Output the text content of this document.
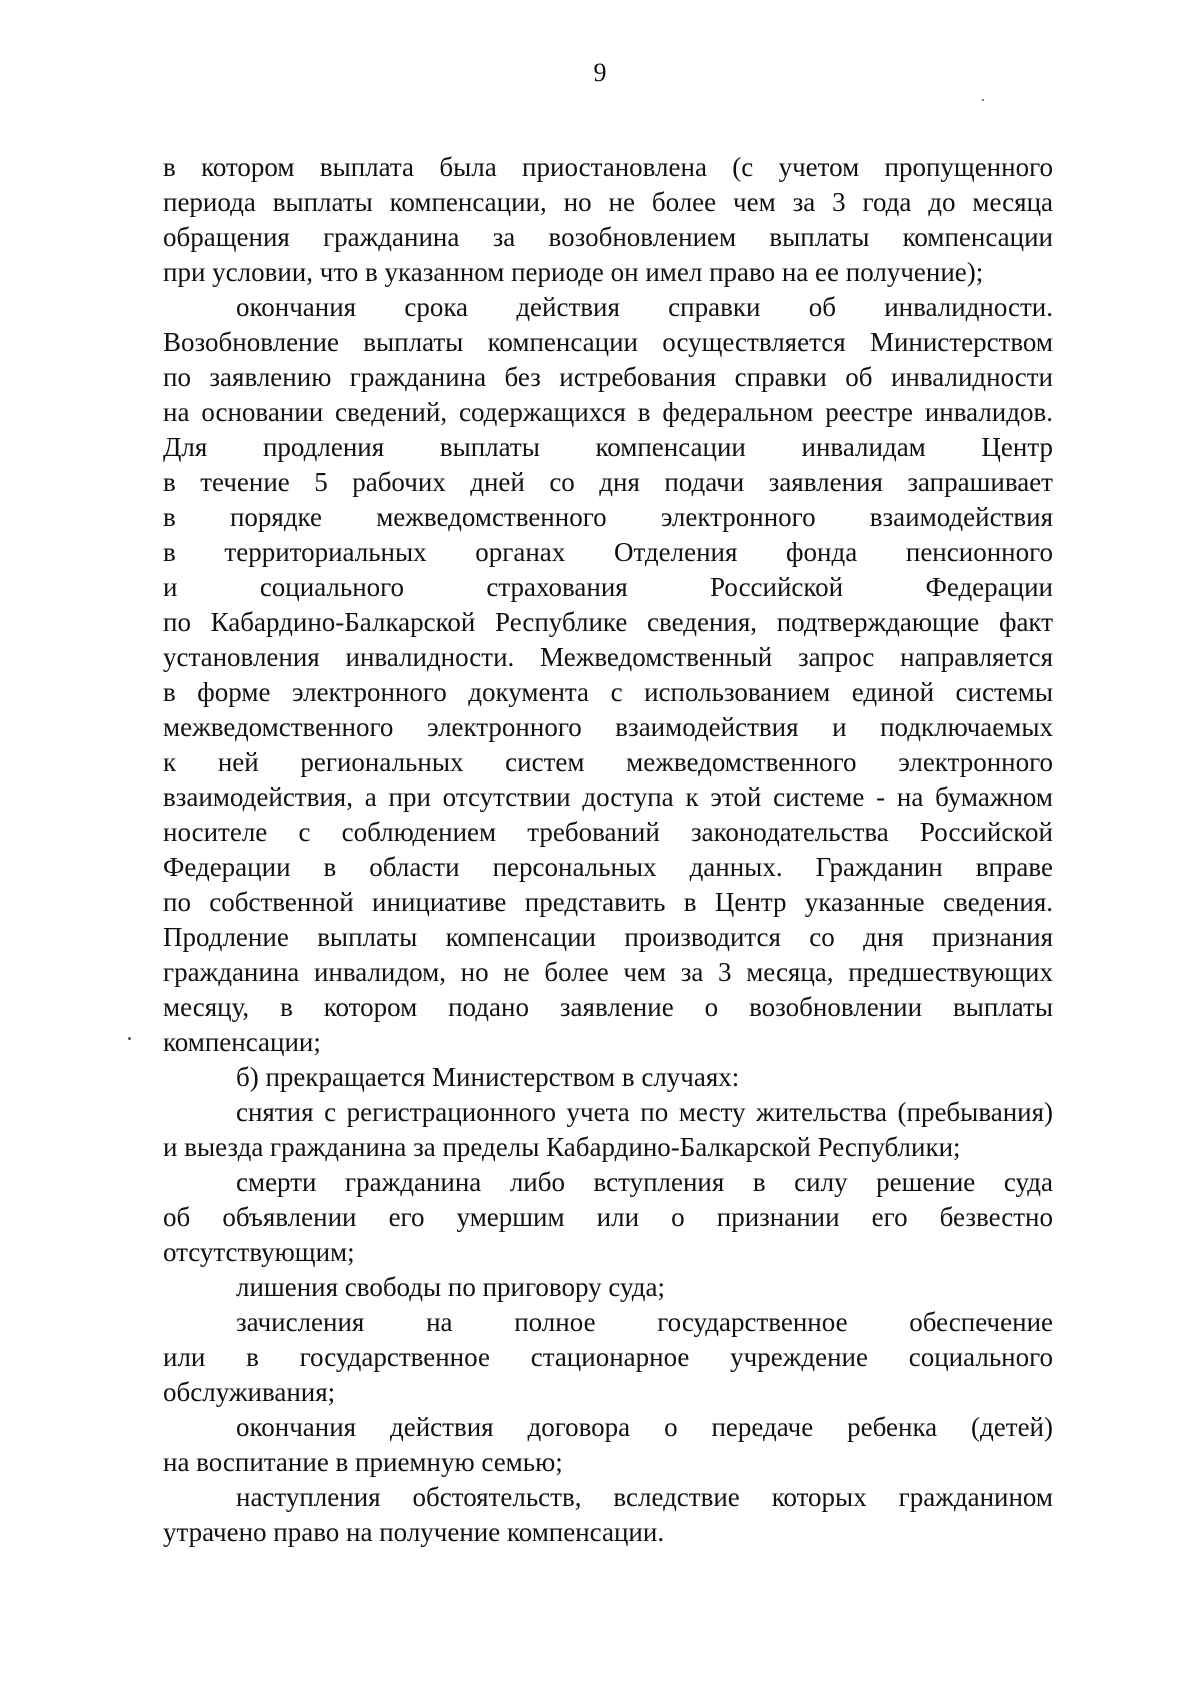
9
в котором выплата была приостановлена (с учетом пропущенного
периода выплаты компенсации, но не более чем за 3 года до месяца
обращения гражданина за возобновлением выплаты компенсации
при условии, что в указанном периоде он имел право на ее получение);
окончания срока действия справки об инвалидности.
Возобновление выплаты компенсации осуществляется Министерством
по заявлению гражданина без истребования справки об инвалидности
на основании сведений, содержащихся в федеральном реестре инвалидов.
Для продления выплаты компенсации инвалидам Центр
в течение 5 рабочих дней со дня подачи заявления запрашивает
в порядке межведомственного электронного взаимодействия
в территориальных органах Отделения фонда пенсионного
и социального страхования Российской Федерации
по Кабардино-Балкарской Республике сведения, подтверждающие факт
установления инвалидности. Межведомственный запрос направляется
в форме электронного документа с использованием единой системы
межведомственного электронного взаимодействия и подключаемых
к ней региональных систем межведомственного электронного
взаимодействия, а при отсутствии доступа к этой системе - на бумажном
носителе с соблюдением требований законодательства Российской
Федерации в области персональных данных. Гражданин вправе
по собственной инициативе представить в Центр указанные сведения.
Продление выплаты компенсации производится со дня признания
гражданина инвалидом, но не более чем за 3 месяца, предшествующих
месяцу, в котором подано заявление о возобновлении выплаты
компенсации;
б) прекращается Министерством в случаях:
снятия с регистрационного учета по месту жительства (пребывания)
и выезда гражданина за пределы Кабардино-Балкарской Республики;
смерти гражданина либо вступления в силу решение суда
об объявлении его умершим или о признании его безвестно
отсутствующим;
лишения свободы по приговору суда;
зачисления на полное государственное обеспечение
или в государственное стационарное учреждение социального
обслуживания;
окончания действия договора о передаче ребенка (детей)
на воспитание в приемную семью;
наступления обстоятельств, вследствие которых гражданином
утрачено право на получение компенсации.
